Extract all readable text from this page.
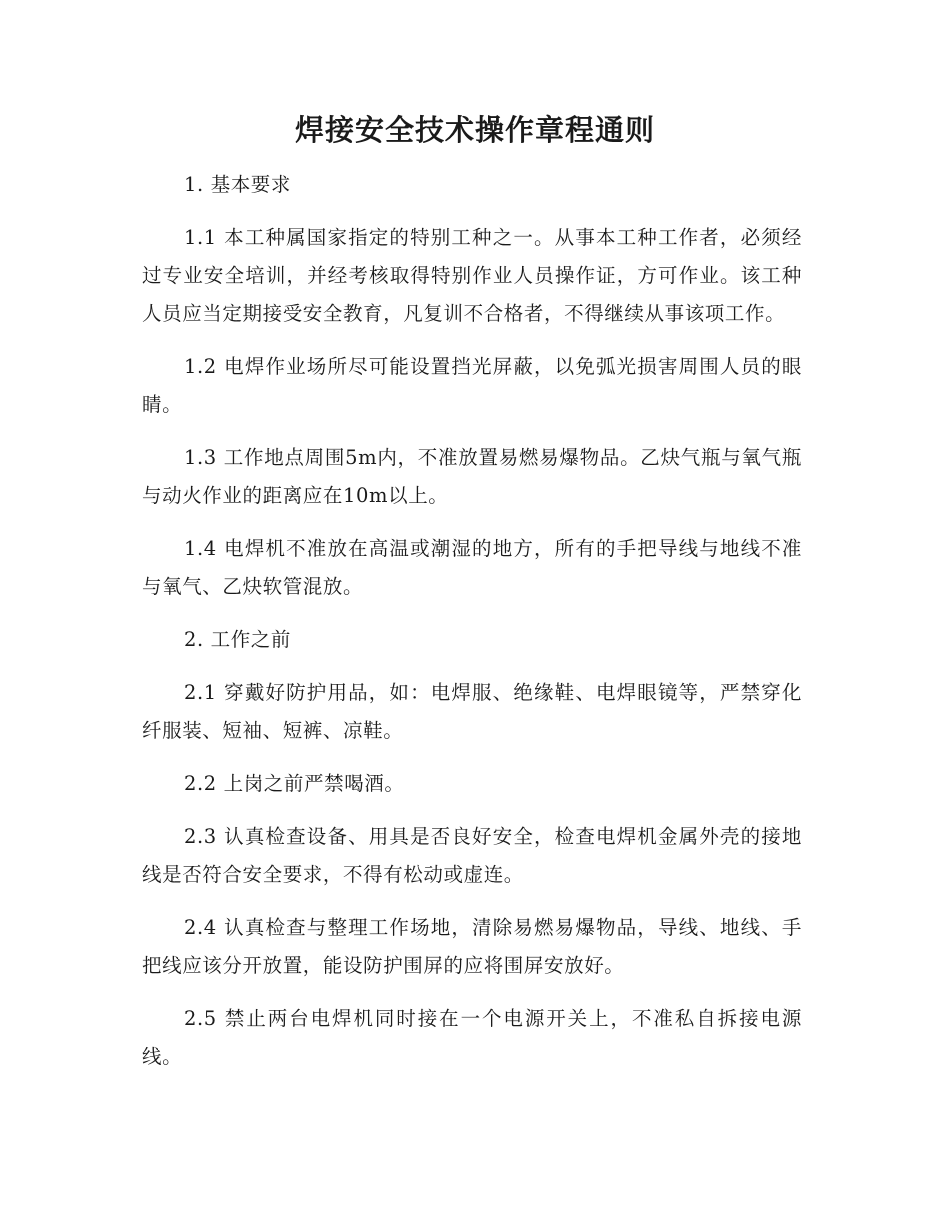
焊接安全技术操作章程通则

1. 基本要求

1.1 本工种属国家指定的特别工种之一。从事本工种工作者，必须经过专业安全培训，并经考核取得特别作业人员操作证，方可作业。该工种人员应当定期接受安全教育，凡复训不合格者，不得继续从事该项工作。

1.2 电焊作业场所尽可能设置挡光屏蔽，以免弧光损害周围人员的眼睛。

1.3 工作地点周围5m内，不准放置易燃易爆物品。乙炔气瓶与氧气瓶与动火作业的距离应在10m以上。

1.4 电焊机不准放在高温或潮湿的地方，所有的手把导线与地线不准与氧气、乙炔软管混放。

2. 工作之前

2.1 穿戴好防护用品，如：电焊服、绝缘鞋、电焊眼镜等，严禁穿化纤服装、短袖、短裤、凉鞋。

2.2 上岗之前严禁喝酒。

2.3 认真检查设备、用具是否良好安全，检查电焊机金属外壳的接地线是否符合安全要求，不得有松动或虚连。

2.4 认真检查与整理工作场地，清除易燃易爆物品，导线、地线、手把线应该分开放置，能设防护围屏的应将围屏安放好。

2.5 禁止两台电焊机同时接在一个电源开关上，不准私自拆接电源线。
